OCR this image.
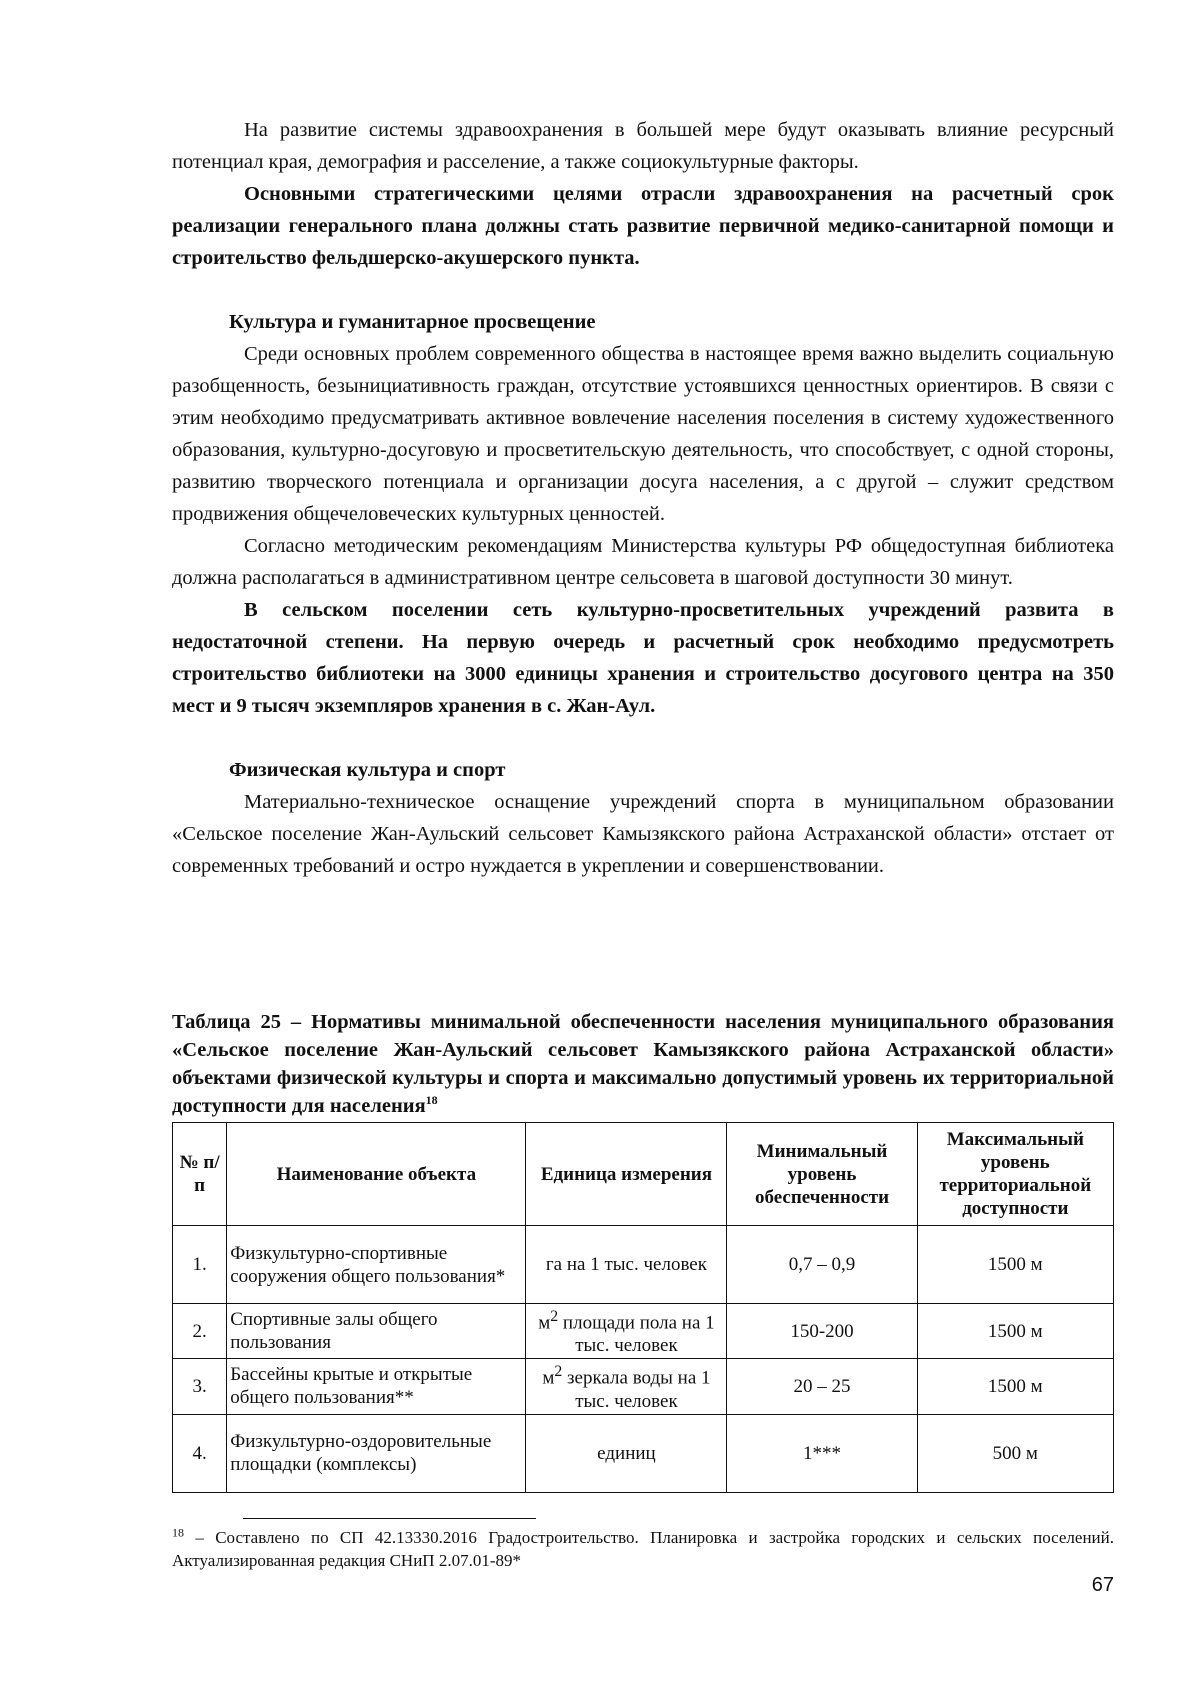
На развитие системы здравоохранения в большей мере будут оказывать влияние ресурсный потенциал края, демография и расселение, а также социокультурные факторы.

Основными стратегическими целями отрасли здравоохранения на расчетный срок реализации генерального плана должны стать развитие первичной медико-санитарной помощи и строительство фельдшерско-акушерского пункта.

Культура и гуманитарное просвещение

Среди основных проблем современного общества в настоящее время важно выделить социальную разобщенность, безынициативность граждан, отсутствие устоявшихся ценностных ориентиров. В связи с этим необходимо предусматривать активное вовлечение населения поселения в систему художественного образования, культурно-досуговую и просветительскую деятельность, что способствует, с одной стороны, развитию творческого потенциала и организации досуга населения, а с другой – служит средством продвижения общечеловеческих культурных ценностей.

Согласно методическим рекомендациям Министерства культуры РФ общедоступная библиотека должна располагаться в административном центре сельсовета в шаговой доступности 30 минут.

В сельском поселении сеть культурно-просветительных учреждений развита в недостаточной степени. На первую очередь и расчетный срок необходимо предусмотреть строительство библиотеки на 3000 единицы хранения и строительство досугового центра на 350 мест и 9 тысяч экземпляров хранения в с. Жан-Аул.

Физическая культура и спорт

Материально-техническое оснащение учреждений спорта в муниципальном образовании «Сельское поселение Жан-Аульский сельсовет Камызякского района Астраханской области» отстает от современных требований и остро нуждается в укреплении и совершенствовании.

Таблица 25 – Нормативы минимальной обеспеченности населения муниципального образования «Сельское поселение Жан-Аульский сельсовет Камызякского района Астраханской области» объектами физической культуры и спорта и максимально допустимый уровень их территориальной доступности для населения$^{18}$
№ п/п	Наименование объекта	Единица измерения	Минимальный уровень обеспеченности	Максимальный уровень территориальной доступности
1.	Физкультурно-спортивные сооружения общего пользования*	га на 1 тыс. человек	0,7 – 0,9	1500 м
2.	Спортивные залы общего пользования	$м^2$ площади пола на 1 тыс. человек	150-200	1500 м
3.	Бассейны крытые и открытые общего пользования**	$м^2$ зеркала воды на 1 тыс. человек	20 – 25	1500 м
4.	Физкультурно-оздоровительные площадки (комплексы)	единиц	1***	500 м
$^{18}$ – Составлено по СП 42.13330.2016 Градостроительство. Планировка и застройка городских и сельских поселений. Актуализированная редакция СНиП 2.07.01-89*
67
